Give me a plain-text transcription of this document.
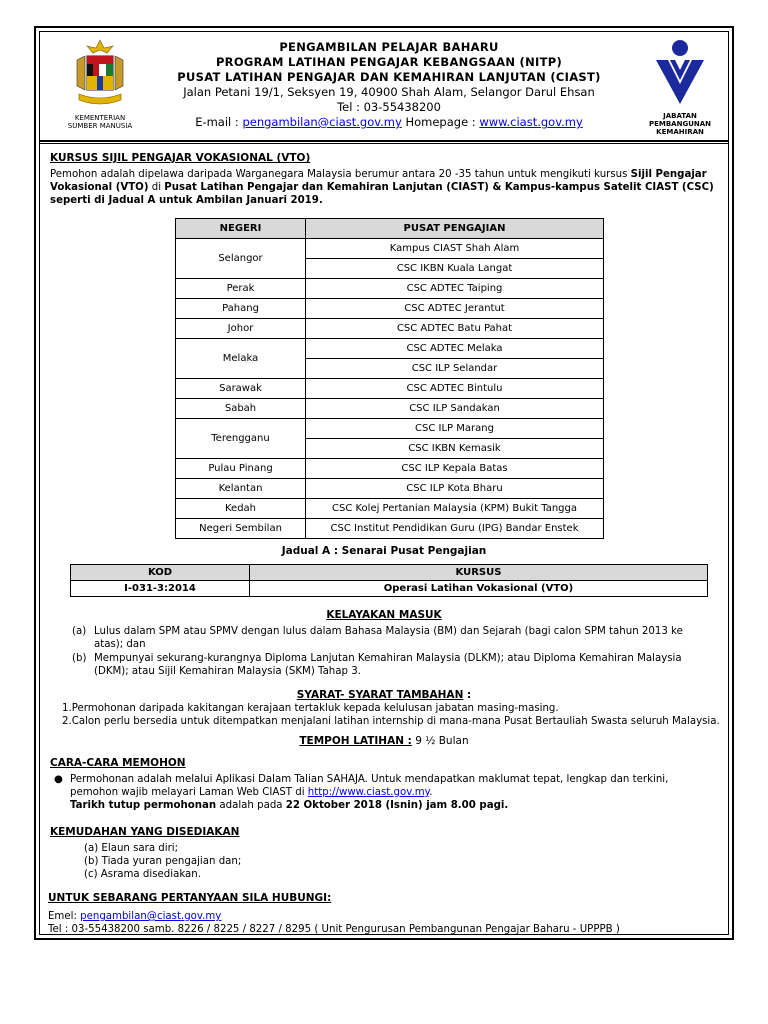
KEMENTERIAN
SUMBER MANUSIA
PENGAMBILAN PELAJAR BAHARU
PROGRAM LATIHAN PENGAJAR KEBANGSAAN (NITP)
PUSAT LATIHAN PENGAJAR DAN KEMAHIRAN LANJUTAN (CIAST)
Jalan Petani 19/1, Seksyen 19, 40900 Shah Alam, Selangor Darul Ehsan
Tel : 03-55438200
E-mail : pengambilan@ciast.gov.my Homepage : www.ciast.gov.my	JABATAN
PEMBANGUNAN
KEMAHIRAN
KURSUS SIJIL PENGAJAR VOKASIONAL (VTO)
Pemohon adalah dipelawa daripada Warganegara Malaysia berumur antara 20 -35 tahun untuk mengikuti kursus Sijil Pengajar Vokasional (VTO) di Pusat Latihan Pengajar dan Kemahiran Lanjutan (CIAST) & Kampus-kampus Satelit CIAST (CSC) seperti di Jadual A untuk Ambilan Januari 2019.
NEGERI	PUSAT PENGAJIAN
Selangor	Kampus CIAST Shah Alam
	CSC IKBN Kuala Langat
Perak	CSC ADTEC Taiping
Pahang	CSC ADTEC Jerantut
Johor	CSC ADTEC Batu Pahat
Melaka	CSC ADTEC Melaka
	CSC ILP Selandar
Sarawak	CSC ADTEC Bintulu
Sabah	CSC ILP Sandakan
Terengganu	CSC ILP Marang
	CSC IKBN Kemasik
Pulau Pinang	CSC ILP Kepala Batas
Kelantan	CSC ILP Kota Bharu
Kedah	CSC Kolej Pertanian Malaysia (KPM) Bukit Tangga
Negeri Sembilan	CSC Institut Pendidikan Guru (IPG) Bandar Enstek
Jadual A : Senarai Pusat Pengajian
KOD	KURSUS
I-031-3:2014	Operasi Latihan Vokasional (VTO)
KELAYAKAN MASUK
(a) Lulus dalam SPM atau SPMV dengan lulus dalam Bahasa Malaysia (BM) dan Sejarah (bagi calon SPM tahun 2013 ke atas); dan
(b) Mempunyai sekurang-kurangnya Diploma Lanjutan Kemahiran Malaysia (DLKM); atau Diploma Kemahiran Malaysia (DKM); atau Sijil Kemahiran Malaysia (SKM) Tahap 3.
SYARAT- SYARAT TAMBAHAN :
1.Permohonan daripada kakitangan kerajaan tertakluk kepada kelulusan jabatan masing-masing.
2.Calon perlu bersedia untuk ditempatkan menjalani latihan internship di mana-mana Pusat Bertauliah Swasta seluruh Malaysia.
TEMPOH LATIHAN : 9 ½ Bulan
CARA-CARA MEMOHON
● Permohonan adalah melalui Aplikasi Dalam Talian SAHAJA. Untuk mendapatkan maklumat tepat, lengkap dan terkini, pemohon wajib melayari Laman Web CIAST di http://www.ciast.gov.my.
Tarikh tutup permohonan adalah pada 22 Oktober 2018 (Isnin) jam 8.00 pagi.
KEMUDAHAN YANG DISEDIAKAN
(a) Elaun sara diri;
(b) Tiada yuran pengajian dan;
(c) Asrama disediakan.
UNTUK SEBARANG PERTANYAAN SILA HUBUNGI:
Emel: pengambilan@ciast.gov.my
Tel : 03-55438200 samb. 8226 / 8225 / 8227 / 8295 ( Unit Pengurusan Pembangunan Pengajar Baharu - UPPPB )
